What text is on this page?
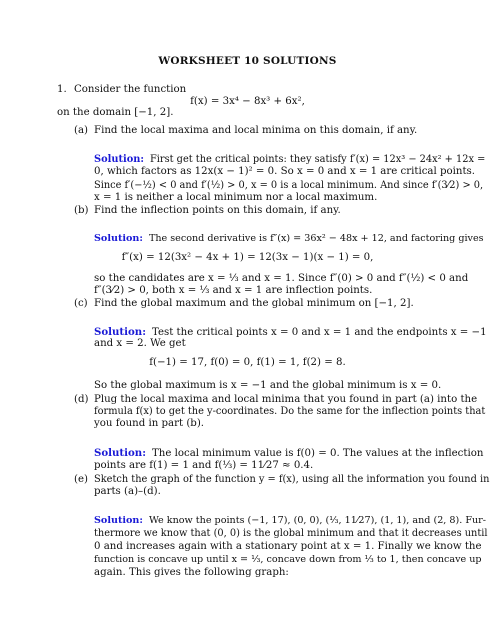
WORKSHEET 10 SOLUTIONS
1. Consider the function
f(x) = 3x⁴ − 8x³ + 6x²,
on the domain [−1, 2].
(a) Find the local maxima and local minima on this domain, if any.
Solution: First get the critical points: they satisfy f′(x) = 12x³ − 24x² + 12x =
0, which factors as 12x(x − 1)² = 0. So x = 0 and x = 1 are critical points.
Since f′(−½) < 0 and f′(½) > 0, x = 0 is a local minimum. And since f′(3⁄2) > 0,
x = 1 is neither a local minimum nor a local maximum.
(b) Find the inflection points on this domain, if any.
Solution: The second derivative is f″(x) = 36x² − 48x + 12, and factoring gives
f″(x) = 12(3x² − 4x + 1) = 12(3x − 1)(x − 1) = 0,
so the candidates are x = ⅓ and x = 1. Since f″(0) > 0 and f″(½) < 0 and
f″(3⁄2) > 0, both x = ⅓ and x = 1 are inflection points.
(c) Find the global maximum and the global minimum on [−1, 2].
Solution: Test the critical points x = 0 and x = 1 and the endpoints x = −1
and x = 2. We get
f(−1) = 17, f(0) = 0, f(1) = 1, f(2) = 8.
So the global maximum is x = −1 and the global minimum is x = 0.
(d) Plug the local maxima and local minima that you found in part (a) into the
formula f(x) to get the y-coordinates. Do the same for the inflection points that
you found in part (b).
Solution: The local minimum value is f(0) = 0. The values at the inflection
points are f(1) = 1 and f(⅓) = 11⁄27 ≈ 0.4.
(e) Sketch the graph of the function y = f(x), using all the information you found in
parts (a)–(d).
Solution: We know the points (−1, 17), (0, 0), (⅓, 11⁄27), (1, 1), and (2, 8). Fur-
thermore we know that (0, 0) is the global minimum and that it decreases until
0 and increases again with a stationary point at x = 1. Finally we know the
function is concave up until x = ⅓, concave down from ⅓ to 1, then concave up
again. This gives the following graph:
